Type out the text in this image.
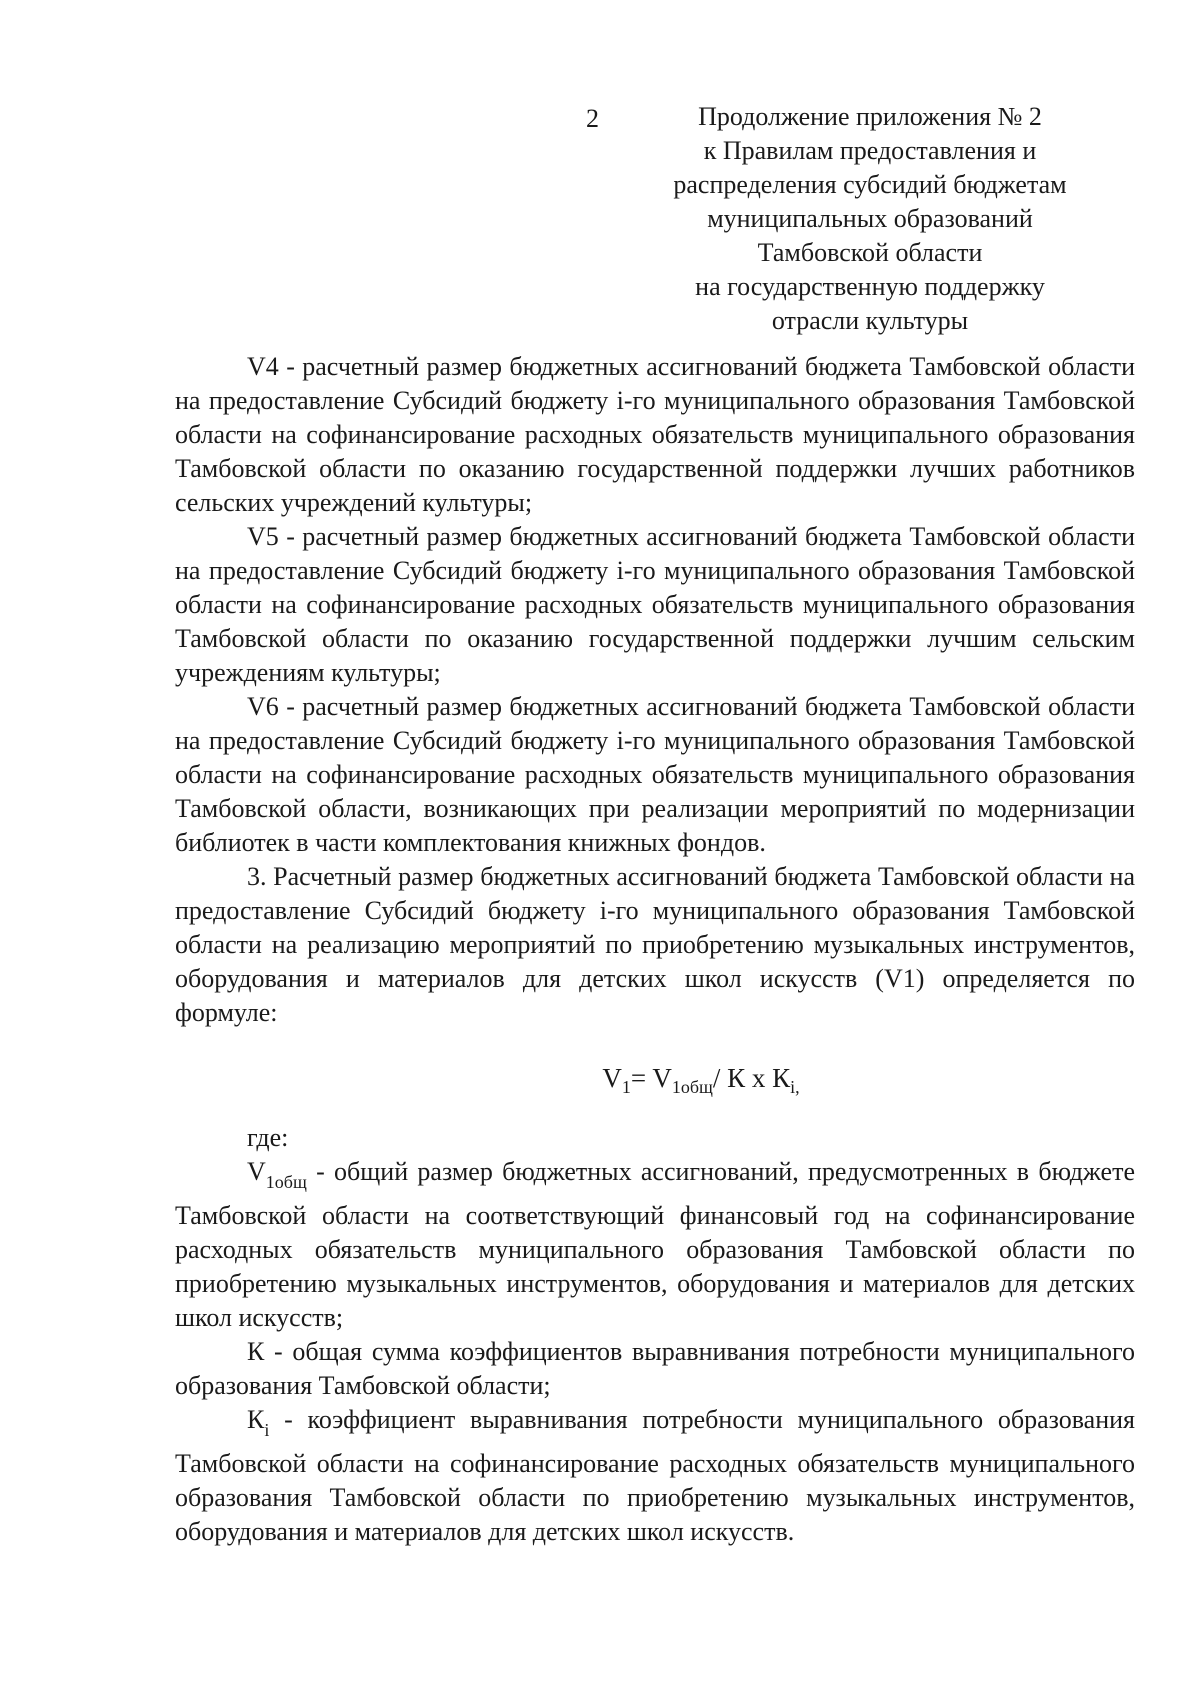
2	Продолжение приложения № 2
к Правилам предоставления и
распределения субсидий бюджетам
муниципальных образований
Тамбовской области
на государственную поддержку
отрасли культуры

V4 - расчетный размер бюджетных ассигнований бюджета Тамбовской области на предоставление Субсидий бюджету i-го муниципального образования Тамбовской области на софинансирование расходных обязательств муниципального образования Тамбовской области по оказанию государственной поддержки лучших работников сельских учреждений культуры;

V5 - расчетный размер бюджетных ассигнований бюджета Тамбовской области на предоставление Субсидий бюджету i-го муниципального образования Тамбовской области на софинансирование расходных обязательств муниципального образования Тамбовской области по оказанию государственной поддержки лучшим сельским учреждениям культуры;

V6 - расчетный размер бюджетных ассигнований бюджета Тамбовской области на предоставление Субсидий бюджету i-го муниципального образования Тамбовской области на софинансирование расходных обязательств муниципального образования Тамбовской области, возникающих при реализации мероприятий по модернизации библиотек в части комплектования книжных фондов.

3. Расчетный размер бюджетных ассигнований бюджета Тамбовской области на предоставление Субсидий бюджету i-го муниципального образования Тамбовской области на реализацию мероприятий по приобретению музыкальных инструментов, оборудования и материалов для детских школ искусств (V1) определяется по формуле:

$V_1= V_{1общ}/$ К х $К_{i,}$

где:

$V_{1общ}$ - общий размер бюджетных ассигнований, предусмотренных в бюджете Тамбовской области на соответствующий финансовый год на софинансирование расходных обязательств муниципального образования Тамбовской области по приобретению музыкальных инструментов, оборудования и материалов для детских школ искусств;

К - общая сумма коэффициентов выравнивания потребности муниципального образования Тамбовской области;

$К_i$ - коэффициент выравнивания потребности муниципального образования Тамбовской области на софинансирование расходных обязательств муниципального образования Тамбовской области по приобретению музыкальных инструментов, оборудования и материалов для детских школ искусств.
